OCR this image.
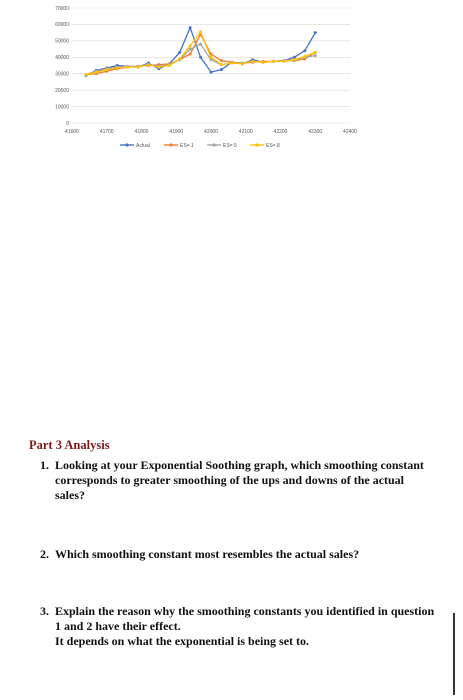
0
10000
20000
30000
40000
50000
60000
70000
41600	41700	41800	41900	42000	42100	42200	42300	42400
Actual	ES=.1	ES=.5	ES=.8
Part 3 Analysis
1. Looking at your Exponential Soothing graph, which smoothing constant corresponds to greater smoothing of the ups and downs of the actual sales?
2. Which smoothing constant most resembles the actual sales?
3. Explain the reason why the smoothing constants you identified in question 1 and 2 have their effect.
It depends on what the exponential is being set to.
